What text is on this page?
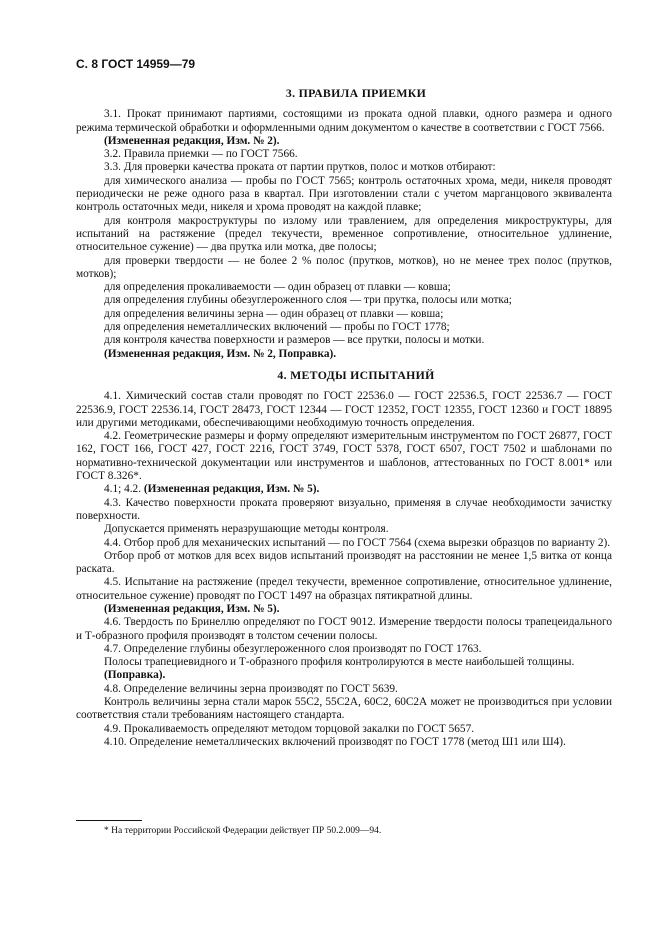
С. 8 ГОСТ 14959—79
3. ПРАВИЛА ПРИЕМКИ

3.1. Прокат принимают партиями, состоящими из проката одной плавки, одного размера и одного режима термической обработки и оформленными одним документом о качестве в соответствии с ГОСТ 7566.

(Измененная редакция, Изм. № 2).

3.2. Правила приемки — по ГОСТ 7566.

3.3. Для проверки качества проката от партии прутков, полос и мотков отбирают:

для химического анализа — пробы по ГОСТ 7565; контроль остаточных хрома, меди, никеля проводят периодически не реже одного раза в квартал. При изготовлении стали с учетом марганцового эквивалента контроль остаточных меди, никеля и хрома проводят на каждой плавке;

для контроля макроструктуры по излому или травлением, для определения микроструктуры, для испытаний на растяжение (предел текучести, временное сопротивление, относительное удлинение, относительное сужение) — два прутка или мотка, две полосы;

для проверки твердости — не более 2 % полос (прутков, мотков), но не менее трех полос (прутков, мотков);

для определения прокаливаемости — один образец от плавки — ковша;

для определения глубины обезуглероженного слоя — три прутка, полосы или мотка;

для определения величины зерна — один образец от плавки — ковша;

для определения неметаллических включений — пробы по ГОСТ 1778;

для контроля качества поверхности и размеров — все прутки, полосы и мотки.

(Измененная редакция, Изм. № 2, Поправка).

4. МЕТОДЫ ИСПЫТАНИЙ

4.1. Химический состав стали проводят по ГОСТ 22536.0 — ГОСТ 22536.5, ГОСТ 22536.7 — ГОСТ 22536.9, ГОСТ 22536.14, ГОСТ 28473, ГОСТ 12344 — ГОСТ 12352, ГОСТ 12355, ГОСТ 12360 и ГОСТ 18895 или другими методиками, обеспечивающими необходимую точность определения.

4.2. Геометрические размеры и форму определяют измерительным инструментом по ГОСТ 26877, ГОСТ 162, ГОСТ 166, ГОСТ 427, ГОСТ 2216, ГОСТ 3749, ГОСТ 5378, ГОСТ 6507, ГОСТ 7502 и шаблонами по нормативно-технической документации или инструментов и шаблонов, аттестованных по ГОСТ 8.001* или ГОСТ 8.326*.

4.1; 4.2. (Измененная редакция, Изм. № 5).

4.3. Качество поверхности проката проверяют визуально, применяя в случае необходимости зачистку поверхности.

Допускается применять неразрушающие методы контроля.

4.4. Отбор проб для механических испытаний — по ГОСТ 7564 (схема вырезки образцов по варианту 2).

Отбор проб от мотков для всех видов испытаний производят на расстоянии не менее 1,5 витка от конца раската.

4.5. Испытание на растяжение (предел текучести, временное сопротивление, относительное удлинение, относительное сужение) проводят по ГОСТ 1497 на образцах пятикратной длины.

(Измененная редакция, Изм. № 5).

4.6. Твердость по Бринеллю определяют по ГОСТ 9012. Измерение твердости полосы трапецеидального и Т-образного профиля производят в толстом сечении полосы.

4.7. Определение глубины обезуглероженного слоя производят по ГОСТ 1763.

Полосы трапециевидного и Т-образного профиля контролируются в месте наибольшей толщины.

(Поправка).

4.8. Определение величины зерна производят по ГОСТ 5639.

Контроль величины зерна стали марок 55С2, 55С2А, 60С2, 60С2А может не производиться при условии соответствия стали требованиям настоящего стандарта.

4.9. Прокаливаемость определяют методом торцовой закалки по ГОСТ 5657.

4.10. Определение неметаллических включений производят по ГОСТ 1778 (метод Ш1 или Ш4).

* На территории Российской Федерации действует ПР 50.2.009—94.
